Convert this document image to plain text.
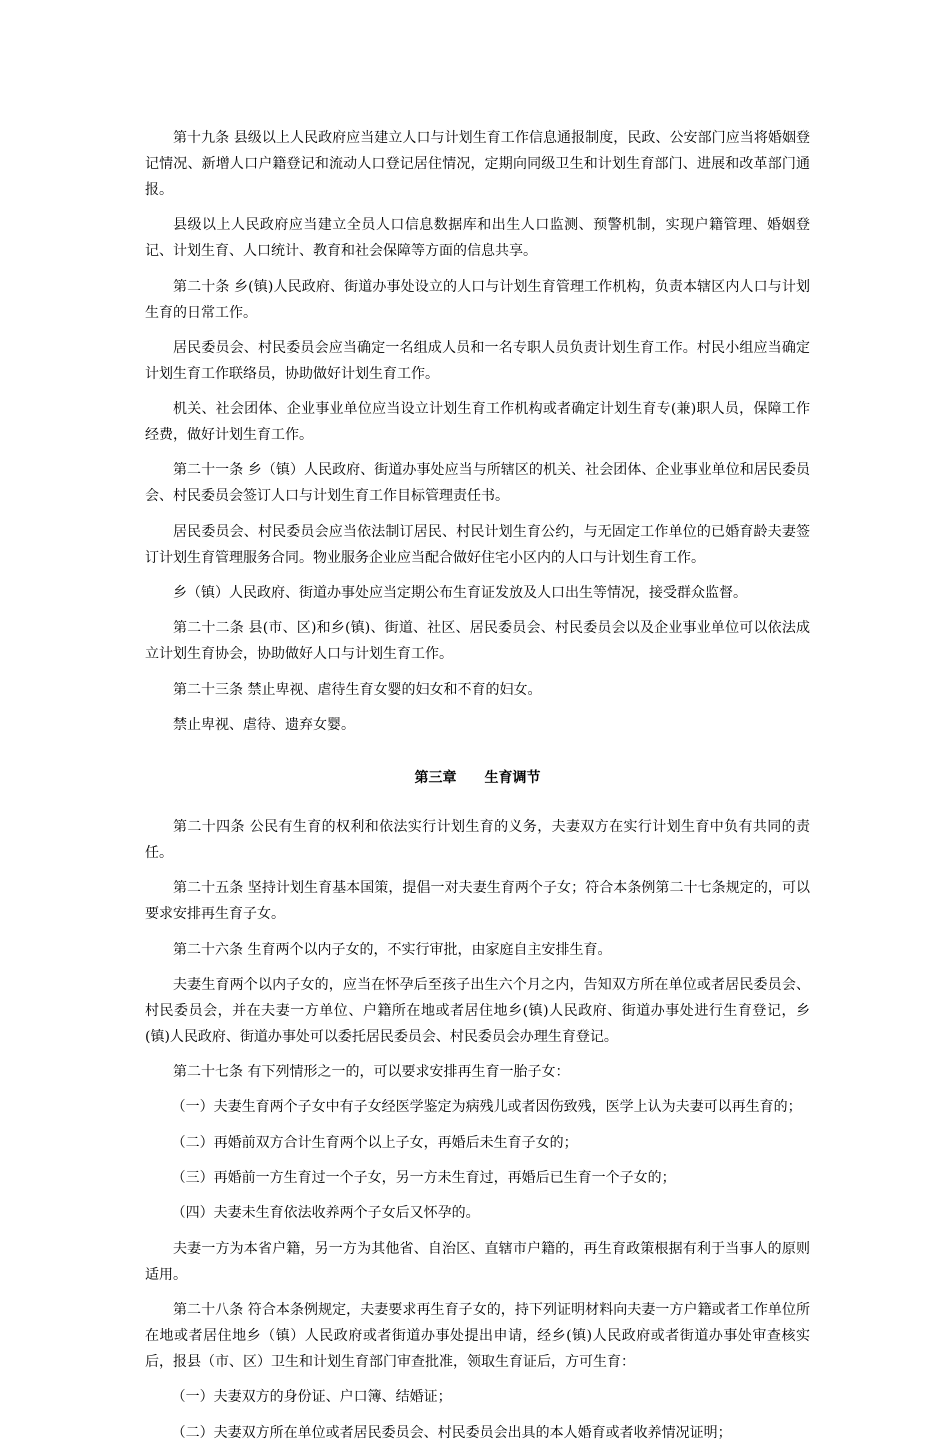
第十九条 县级以上人民政府应当建立人口与计划生育工作信息通报制度，民政、公安部门应当将婚姻登记情况、新增人口户籍登记和流动人口登记居住情况，定期向同级卫生和计划生育部门、进展和改革部门通报。

县级以上人民政府应当建立全员人口信息数据库和出生人口监测、预警机制，实现户籍管理、婚姻登记、计划生育、人口统计、教育和社会保障等方面的信息共享。

第二十条 乡(镇)人民政府、街道办事处设立的人口与计划生育管理工作机构，负责本辖区内人口与计划生育的日常工作。

居民委员会、村民委员会应当确定一名组成人员和一名专职人员负责计划生育工作。村民小组应当确定计划生育工作联络员，协助做好计划生育工作。

机关、社会团体、企业事业单位应当设立计划生育工作机构或者确定计划生育专(兼)职人员，保障工作经费，做好计划生育工作。

第二十一条 乡（镇）人民政府、街道办事处应当与所辖区的机关、社会团体、企业事业单位和居民委员会、村民委员会签订人口与计划生育工作目标管理责任书。

居民委员会、村民委员会应当依法制订居民、村民计划生育公约，与无固定工作单位的已婚育龄夫妻签订计划生育管理服务合同。物业服务企业应当配合做好住宅小区内的人口与计划生育工作。

乡（镇）人民政府、街道办事处应当定期公布生育证发放及人口出生等情况，接受群众监督。

第二十二条 县(市、区)和乡(镇)、街道、社区、居民委员会、村民委员会以及企业事业单位可以依法成立计划生育协会，协助做好人口与计划生育工作。

第二十三条 禁止卑视、虐待生育女婴的妇女和不育的妇女。

禁止卑视、虐待、遗弃女婴。

第三章 生育调节

第二十四条 公民有生育的权利和依法实行计划生育的义务，夫妻双方在实行计划生育中负有共同的责任。

第二十五条 坚持计划生育基本国策，提倡一对夫妻生育两个子女；符合本条例第二十七条规定的，可以要求安排再生育子女。

第二十六条 生育两个以内子女的，不实行审批，由家庭自主安排生育。

夫妻生育两个以内子女的，应当在怀孕后至孩子出生六个月之内，告知双方所在单位或者居民委员会、村民委员会，并在夫妻一方单位、户籍所在地或者居住地乡(镇)人民政府、街道办事处进行生育登记，乡(镇)人民政府、街道办事处可以委托居民委员会、村民委员会办理生育登记。

第二十七条 有下列情形之一的，可以要求安排再生育一胎子女：

（一）夫妻生育两个子女中有子女经医学鉴定为病残儿或者因伤致残，医学上认为夫妻可以再生育的；

（二）再婚前双方合计生育两个以上子女，再婚后未生育子女的；

（三）再婚前一方生育过一个子女，另一方未生育过，再婚后已生育一个子女的；

（四）夫妻未生育依法收养两个子女后又怀孕的。

夫妻一方为本省户籍，另一方为其他省、自治区、直辖市户籍的，再生育政策根据有利于当事人的原则适用。

第二十八条 符合本条例规定，夫妻要求再生育子女的，持下列证明材料向夫妻一方户籍或者工作单位所在地或者居住地乡（镇）人民政府或者街道办事处提出申请，经乡(镇)人民政府或者街道办事处审查核实后，报县（市、区）卫生和计划生育部门审查批准，领取生育证后，方可生育：

（一）夫妻双方的身份证、户口簿、结婚证；

（二）夫妻双方所在单位或者居民委员会、村民委员会出具的本人婚育或者收养情况证明；
